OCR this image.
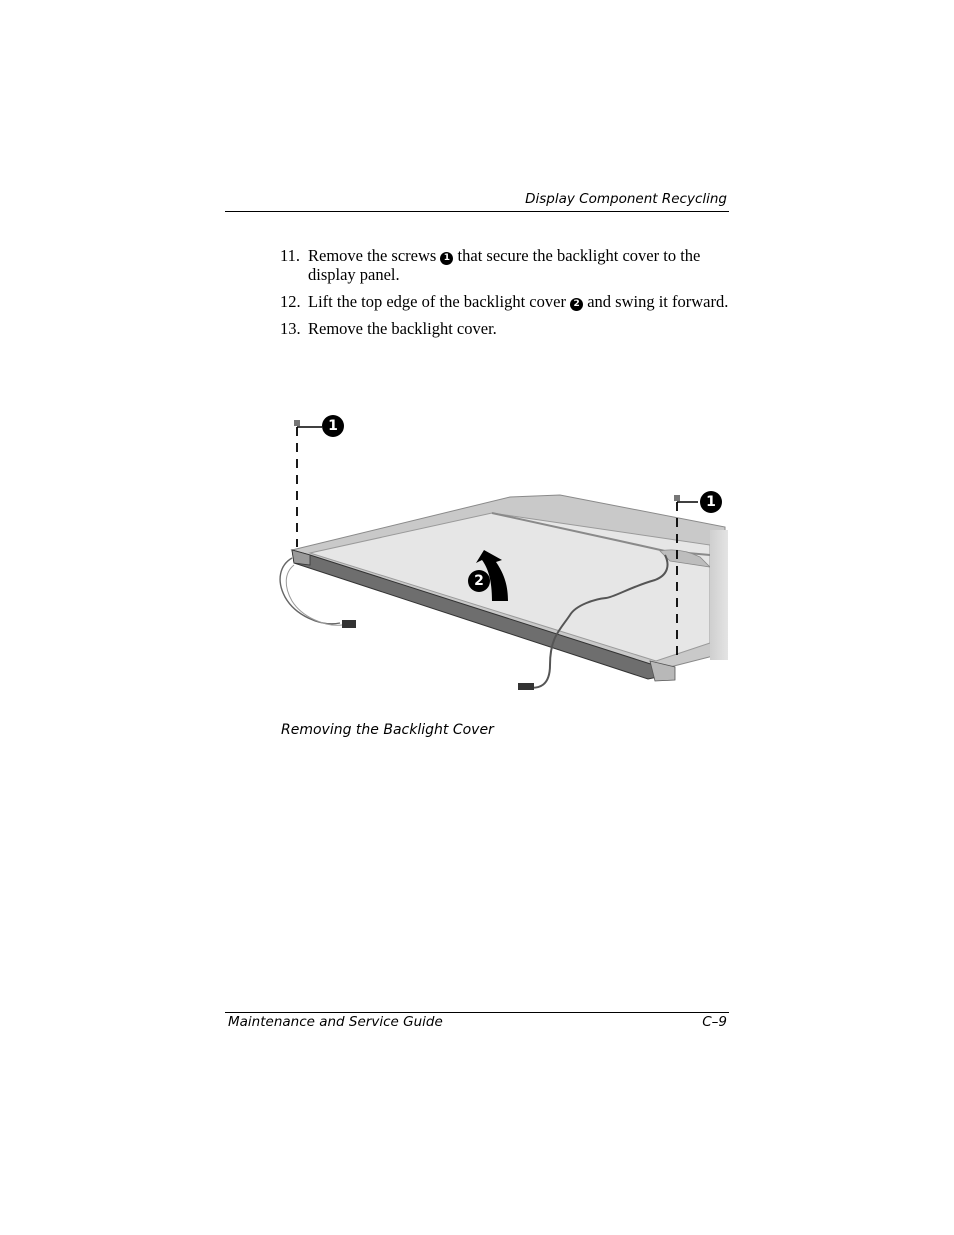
Display Component Recycling
11. Remove the screws 1 that secure the backlight cover to the display panel.
12. Lift the top edge of the backlight cover 2 and swing it forward.
13. Remove the backlight cover.
1
1
2
Removing the Backlight Cover
Maintenance and Service Guide	C–9
